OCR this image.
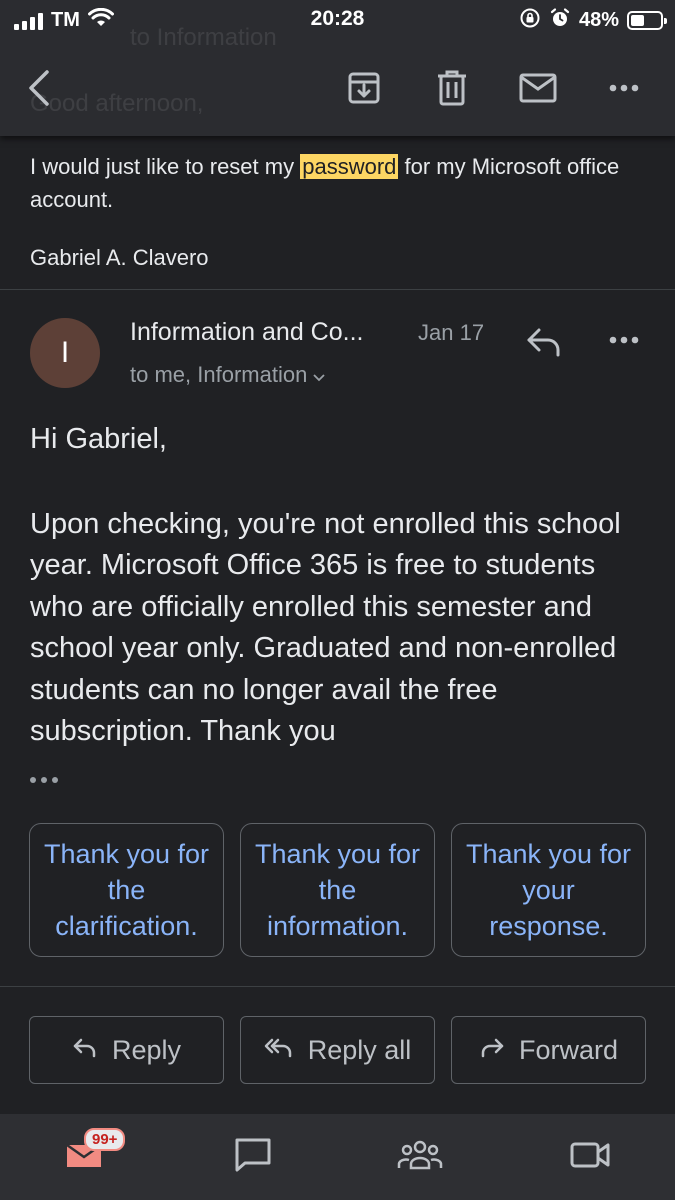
to Information
Good afternoon,
TM	20:28	48%
I would just like to reset my password for my Microsoft office account.
Gabriel A. Clavero
I
Information and Co... Jan 17
to me, Information
Hi Gabriel,
Upon checking, you're not enrolled this school year. Microsoft Office 365 is free to students who are officially enrolled this semester and school year only. Graduated and non-enrolled students can no longer avail the free subscription. Thank you
Thank you for the clarification.
Thank you for the information.
Thank you for your response.
Reply	Reply all	Forward
99+
